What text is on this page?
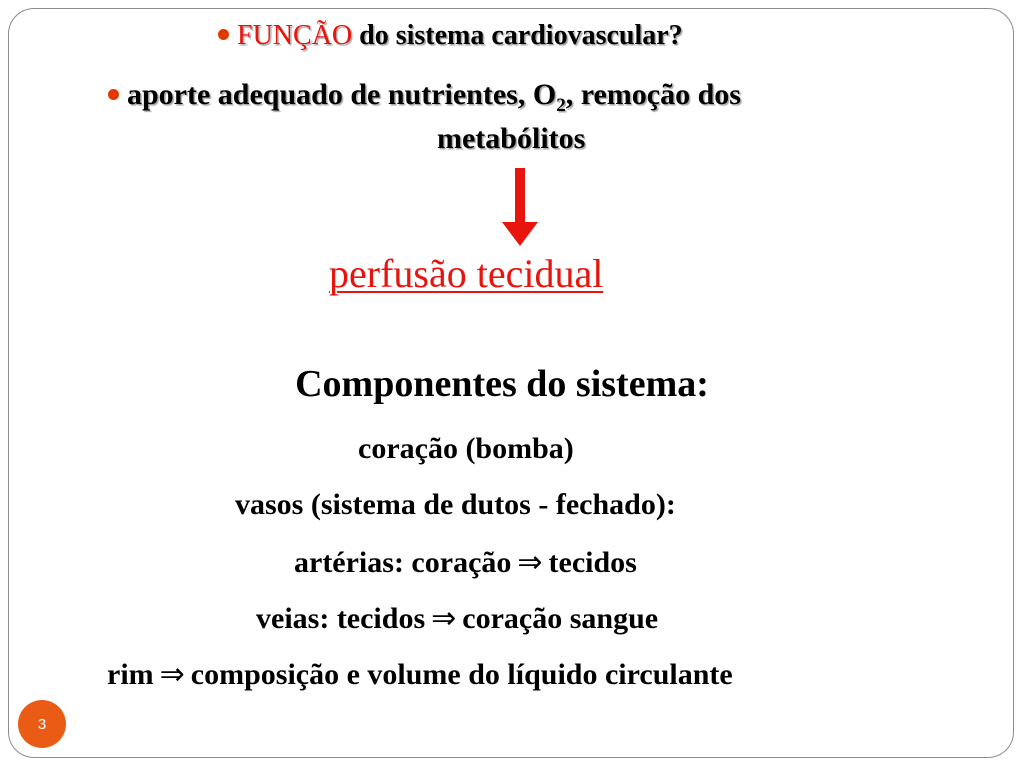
FUNÇÃO do sistema cardiovascular?
aporte adequado de nutrientes, $O_2$, remoção dos
metabólitos
perfusão tecidual
Componentes do sistema:
coração (bomba)
vasos (sistema de dutos - fechado):
artérias: coração ⇒ tecidos
veias: tecidos ⇒ coração sangue
rim ⇒ composição e volume do líquido circulante
3
